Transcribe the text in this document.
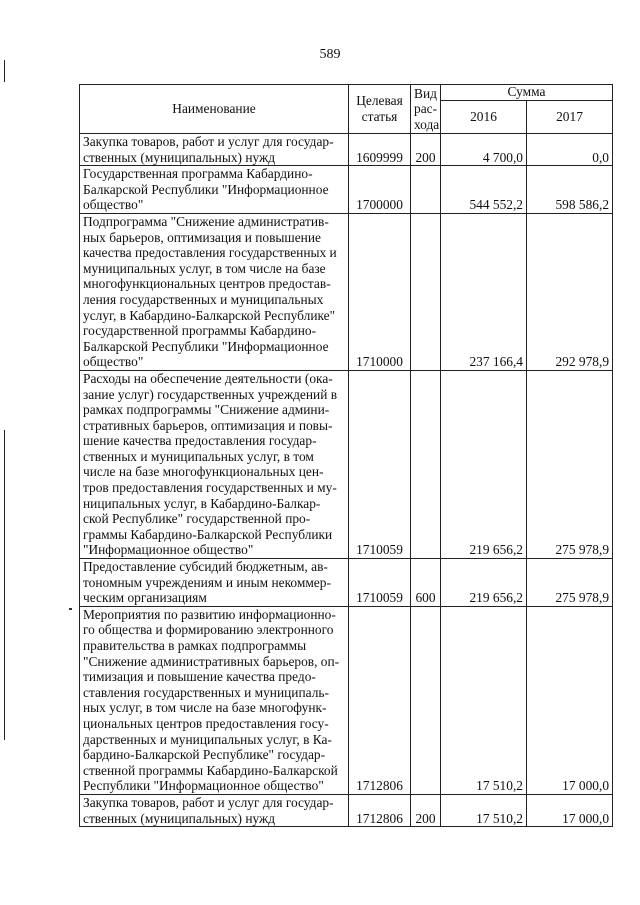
589
Наименование	Целевая статья	Вид рас-хода	Сумма	
			2016	2017
Закупка товаров, работ и услуг для государ-ственных (муниципальных) нужд	1609999	200	4 700,0	0,0
Государственная программа Кабардино-Балкарской Республики "Информационное общество"	1700000		544 552,2	598 586,2
Подпрограмма "Снижение административ-ных барьеров, оптимизация и повышение качества предоставления государственных и муниципальных услуг, в том числе на базе многофункциональных центров предостав-ления государственных и муниципальных услуг, в Кабардино-Балкарской Республике" государственной программы Кабардино-Балкарской Республики "Информационное общество"	1710000		237 166,4	292 978,9
Расходы на обеспечение деятельности (ока-зание услуг) государственных учреждений в рамках подпрограммы "Снижение админи-стративных барьеров, оптимизация и повы-шение качества предоставления государ-ственных и муниципальных услуг, в том числе на базе многофункциональных цен-тров предоставления государственных и му-ниципальных услуг, в Кабардино-Балкар-ской Республике" государственной про-граммы Кабардино-Балкарской Республики "Информационное общество"	1710059		219 656,2	275 978,9
Предоставление субсидий бюджетным, ав-тономным учреждениям и иным некоммер-ческим организациям	1710059	600	219 656,2	275 978,9
Мероприятия по развитию информационно-го общества и формированию электронного правительства в рамках подпрограммы "Снижение административных барьеров, оп-тимизация и повышение качества предо-ставления государственных и муниципаль-ных услуг, в том числе на базе многофунк-циональных центров предоставления госу-дарственных и муниципальных услуг, в Ка-бардино-Балкарской Республике" государ-ственной программы Кабардино-Балкарской Республики "Информационное общество"	1712806		17 510,2	17 000,0
Закупка товаров, работ и услуг для государ-ственных (муниципальных) нужд	1712806	200	17 510,2	17 000,0
